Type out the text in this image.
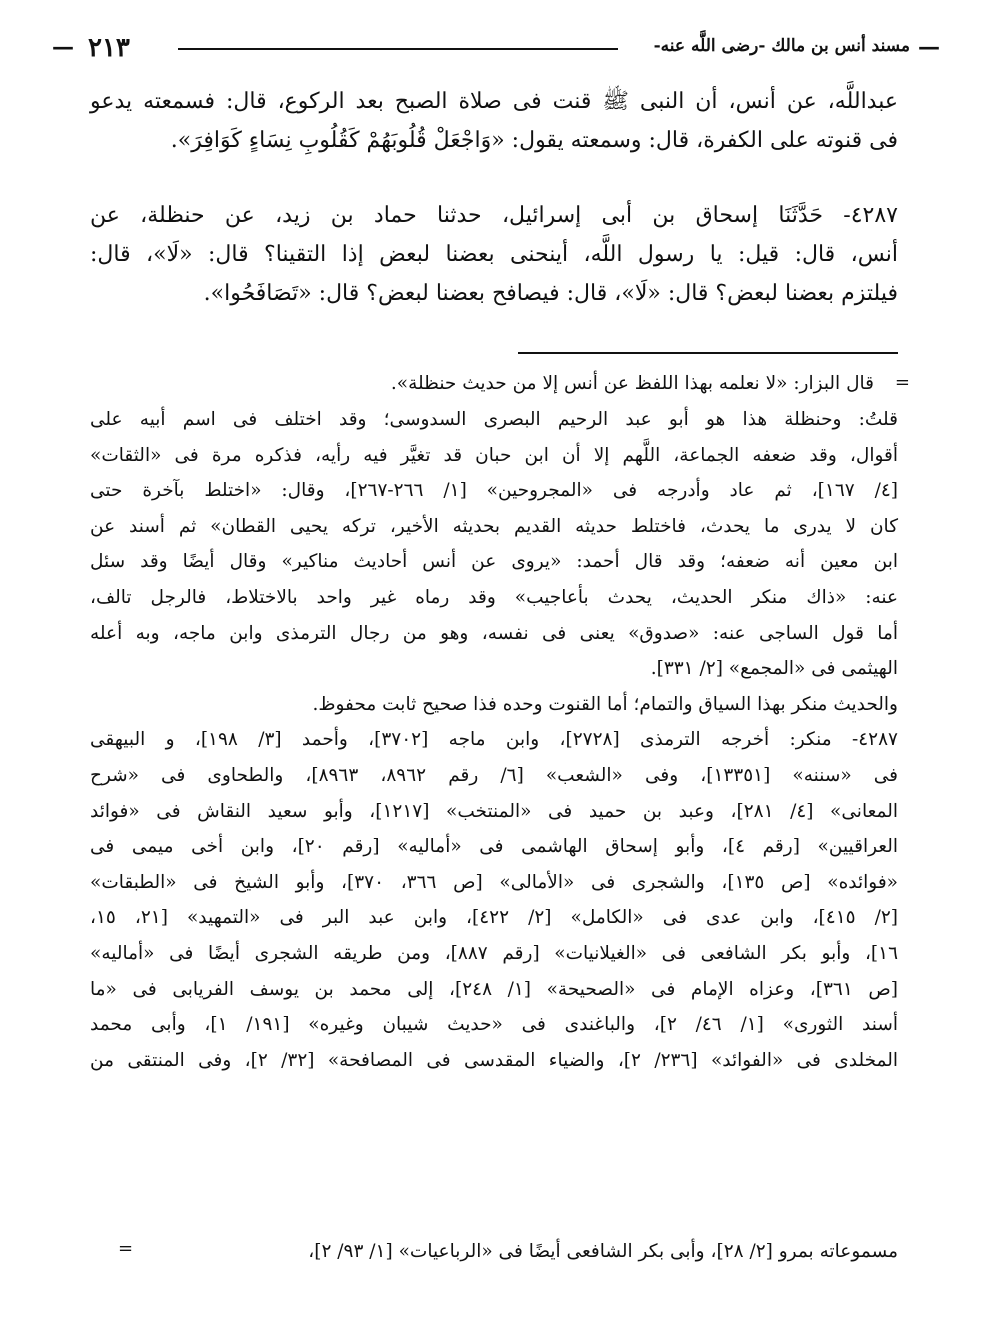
— ٢١٣	مسند أنس بن مالك -رضى اللَّه عنه- —
عبداللَّه، عن أنس، أن النبى ﷺ قنت فى صلاة الصبح بعد الركوع، قال: فسمعته يدعو
فى قنوته على الكفرة، قال: وسمعته يقول: «وَاجْعَلْ قُلُوبَهُمْ كَقُلُوبِ نِسَاءٍ كَوَافِرَ».
٤٢٨٧- حَدَّثَنَا إسحاق بن أبى إسرائيل، حدثنا حماد بن زيد، عن حنظلة، عن
أنس، قال: قيل: يا رسول اللَّه، أينحنى بعضنا لبعض إذا التقينا؟ قال: «لَا»، قال:
فيلتزم بعضنا لبعض؟ قال: «لَا»، قال: فيصافح بعضنا لبعض؟ قال: «تَصَافَحُوا».
=
قال البزار: «لا نعلمه بهذا اللفظ عن أنس إلا من حديث حنظلة».
قلتُ: وحنظلة هذا هو أبو عبد الرحيم البصرى السدوسى؛ وقد اختلف فى اسم أبيه على
أقوال، وقد ضعفه الجماعة، اللَّهم إلا أن ابن حبان قد تغيَّر فيه رأيه، فذكره مرة فى «الثقات»
[٤/ ١٦٧]، ثم عاد وأدرجه فى «المجروحين» [١/ ٢٦٦-٢٦٧]، وقال: «اختلط بآخرة حتى
كان لا يدرى ما يحدث، فاختلط حديثه القديم بحديثه الأخير، تركه يحيى القطان» ثم أسند عن
ابن معين أنه ضعفه؛ وقد قال أحمد: «يروى عن أنس أحاديث مناكير» وقال أيضًا وقد سئل
عنه: «ذاك منكر الحديث، يحدث بأعاجيب» وقد رماه غير واحد بالاختلاط، فالرجل تالف،
أما قول الساجى عنه: «صدوق» يعنى فى نفسه، وهو من رجال الترمذى وابن ماجه، وبه أعله
الهيثمى فى «المجمع» [٢/ ٣٣١].
والحديث منكر بهذا السياق والتمام؛ أما القنوت وحده فذا صحيح ثابت محفوظ.
٤٢٨٧- منكر: أخرجه الترمذى [٢٧٢٨]، وابن ماجه [٣٧٠٢]، وأحمد [٣/ ١٩٨]، و البيهقى
فى «سننه» [١٣٣٥١]، وفى «الشعب» [٦/ رقم ٨٩٦٢، ٨٩٦٣]، والطحاوى فى «شرح
المعانى» [٤/ ٢٨١]، وعبد بن حميد فى «المنتخب» [١٢١٧]، وأبو سعيد النقاش فى «فوائد
العراقيين» [رقم ٤]، وأبو إسحاق الهاشمى فى «أماليه» [رقم ٢٠]، وابن أخى ميمى فى
«فوائده» [ص ١٣٥]، والشجرى فى «الأمالى» [ص ٣٦٦، ٣٧٠]، وأبو الشيخ فى «الطبقات»
[٢/ ٤١٥]، وابن عدى فى «الكامل» [٢/ ٤٢٢]، وابن عبد البر فى «التمهيد» [٢١، ١٥،
١٦]، وأبو بكر الشافعى فى «الغيلانيات» [رقم ٨٨٧]، ومن طريقه الشجرى أيضًا فى «أماليه»
[ص ٣٦١]، وعزاه الإمام فى «الصحيحة» [١/ ٢٤٨]، إلى محمد بن يوسف الفريابى فى «ما
أسند الثورى» [١/ ٤٦/ ٢]، والباغندى فى «حديث شيبان وغيره» [١٩١/ ١]، وأبى محمد
المخلدى فى «الفوائد» [٢٣٦/ ٢]، والضياء المقدسى فى المصافحة» [٣٢/ ٢]، وفى المنتقى من
مسموعاته بمرو [٢/ ٢٨]، وأبى بكر الشافعى أيضًا فى «الرباعيات» [١/ ٩٣/ ٢]،
=
